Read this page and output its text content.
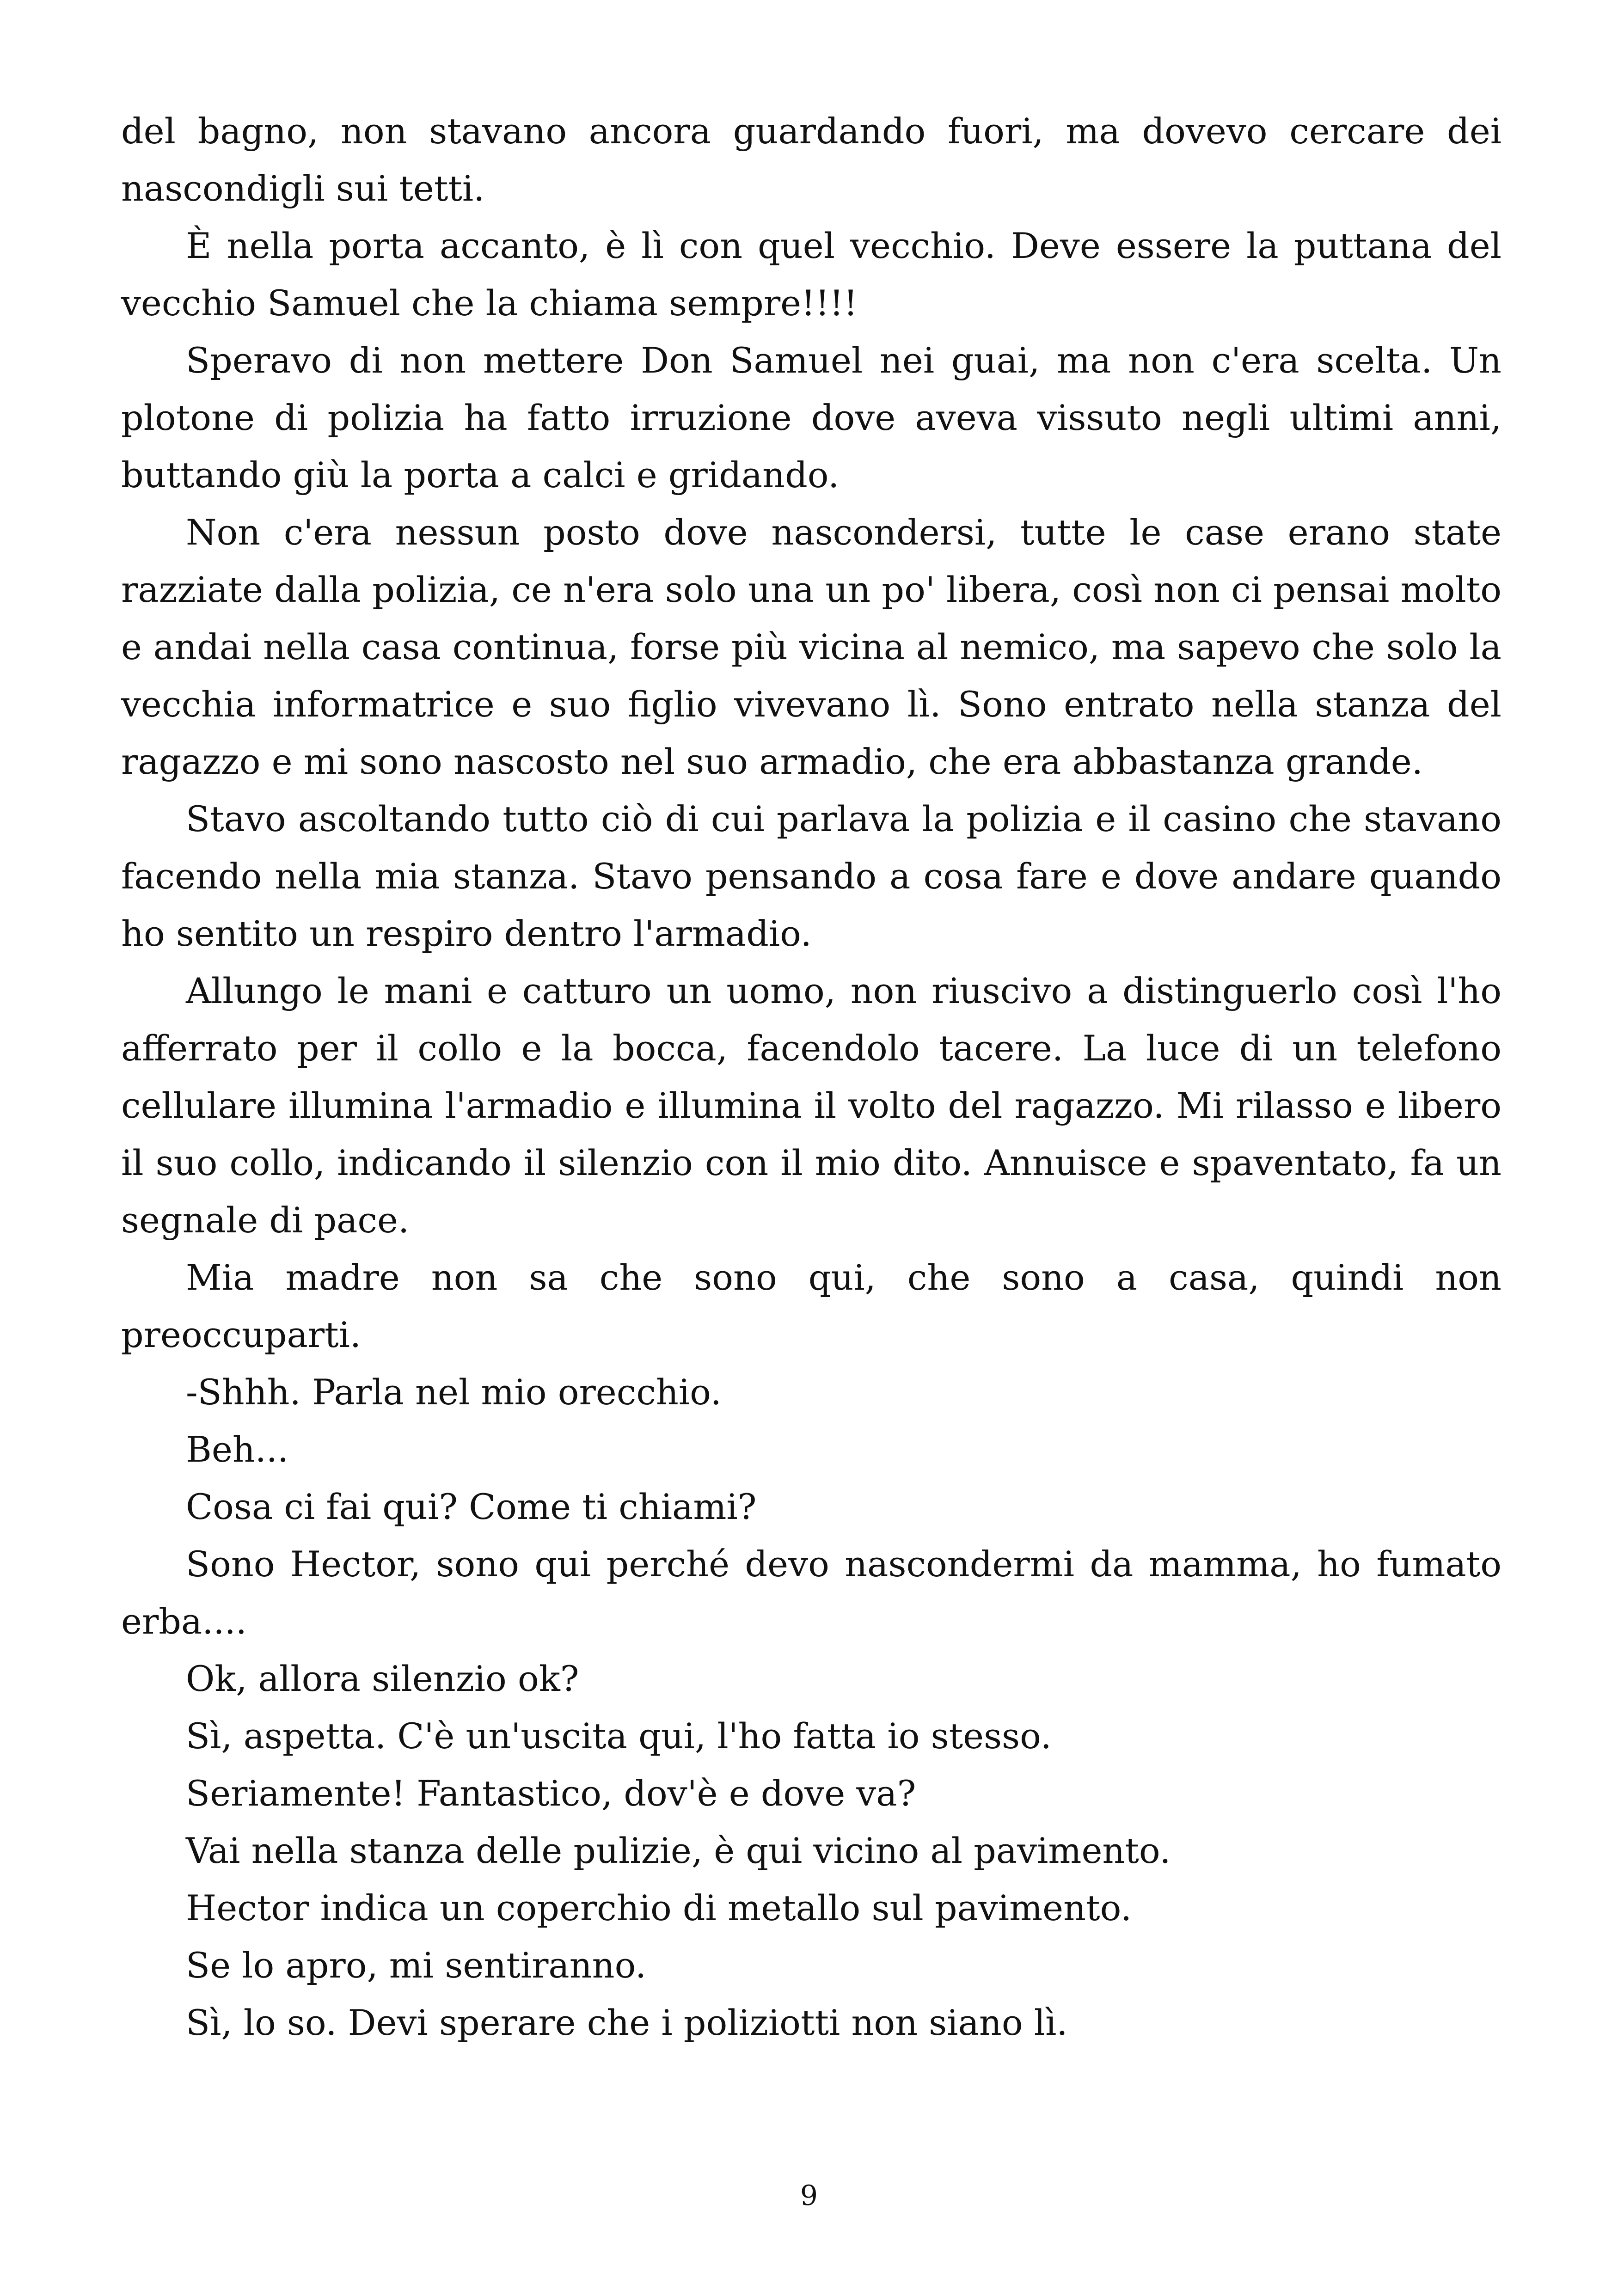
del bagno, non stavano ancora guardando fuori, ma dovevo cercare dei nascondigli sui tetti.

È nella porta accanto, è lì con quel vecchio. Deve essere la puttana del vecchio Samuel che la chiama sempre!!!!

Speravo di non mettere Don Samuel nei guai, ma non c'era scelta. Un plotone di polizia ha fatto irruzione dove aveva vissuto negli ultimi anni, buttando giù la porta a calci e gridando.

Non c'era nessun posto dove nascondersi, tutte le case erano state razziate dalla polizia, ce n'era solo una un po' libera, così non ci pensai molto e andai nella casa continua, forse più vicina al nemico, ma sapevo che solo la vecchia informatrice e suo figlio vivevano lì. Sono entrato nella stanza del ragazzo e mi sono nascosto nel suo armadio, che era abbastanza grande.

Stavo ascoltando tutto ciò di cui parlava la polizia e il casino che stavano facendo nella mia stanza. Stavo pensando a cosa fare e dove andare quando ho sentito un respiro dentro l'armadio.

Allungo le mani e catturo un uomo, non riuscivo a distinguerlo così l'ho afferrato per il collo e la bocca, facendolo tacere. La luce di un telefono cellulare illumina l'armadio e illumina il volto del ragazzo. Mi rilasso e libero il suo collo, indicando il silenzio con il mio dito. Annuisce e spaventato, fa un segnale di pace.

Mia madre non sa che sono qui, che sono a casa, quindi non preoccuparti.

-Shhh. Parla nel mio orecchio.

Beh...

Cosa ci fai qui? Come ti chiami?

Sono Hector, sono qui perché devo nascondermi da mamma, ho fumato erba....

Ok, allora silenzio ok?

Sì, aspetta. C'è un'uscita qui, l'ho fatta io stesso.

Seriamente! Fantastico, dov'è e dove va?

Vai nella stanza delle pulizie, è qui vicino al pavimento.

Hector indica un coperchio di metallo sul pavimento.

Se lo apro, mi sentiranno.

Sì, lo so. Devi sperare che i poliziotti non siano lì.

9
